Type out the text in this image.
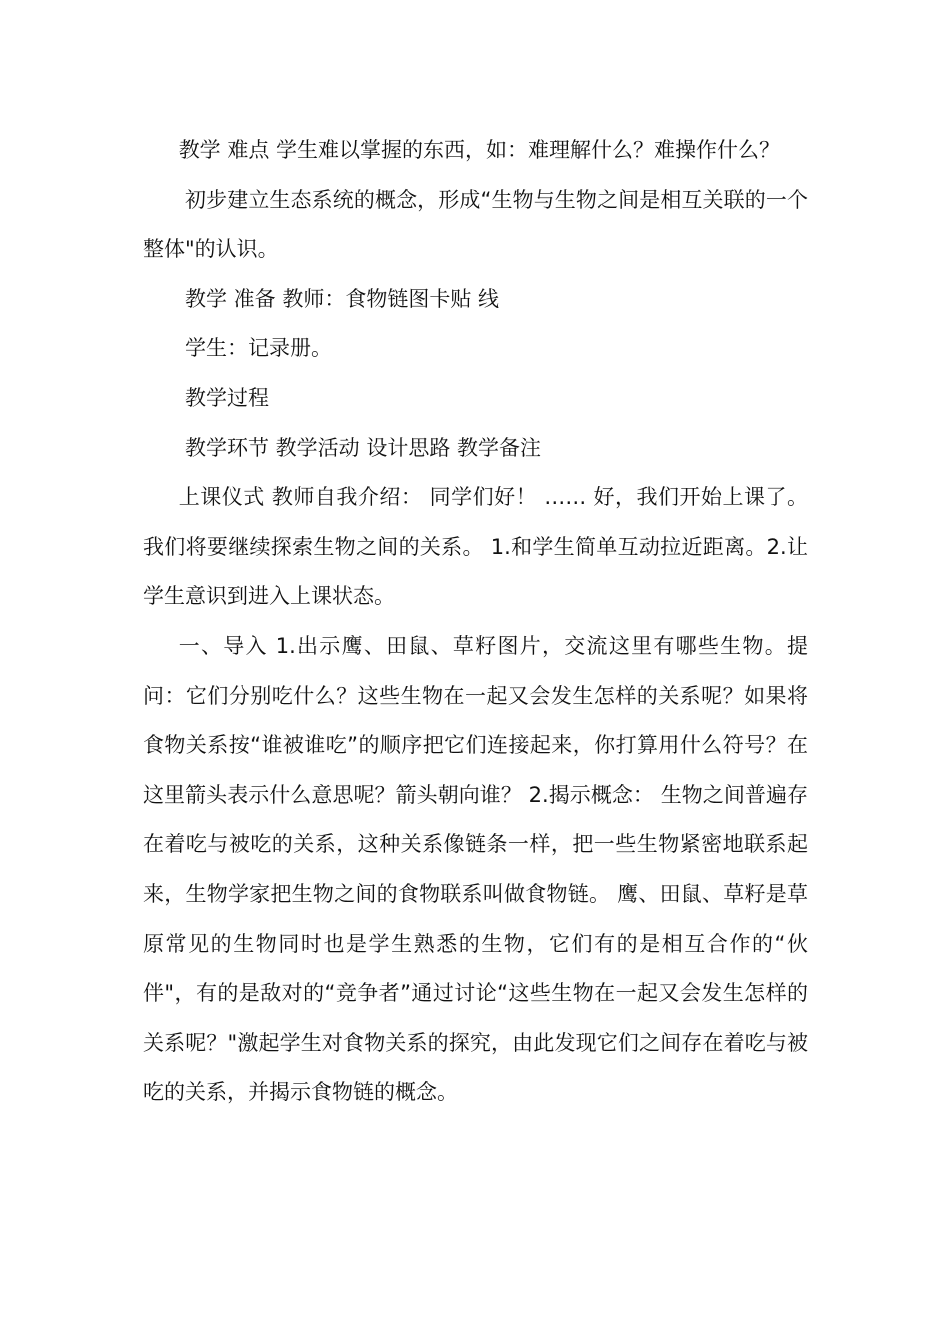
教学 难点 学生难以掌握的东西，如：难理解什么？难操作什么？

初步建立生态系统的概念，形成“生物与生物之间是相互关联的一个整体"的认识。

教学 准备 教师：食物链图卡贴 线

学生：记录册。

教学过程

教学环节 教学活动 设计思路 教学备注

上课仪式 教师自我介绍： 同学们好！ …… 好，我们开始上课了。我们将要继续探索生物之间的关系。 1.和学生简单互动拉近距离。2.让学生意识到进入上课状态。

一、导入 1.出示鹰、田鼠、草籽图片，交流这里有哪些生物。提问：它们分别吃什么？这些生物在一起又会发生怎样的关系呢？如果将食物关系按“谁被谁吃”的顺序把它们连接起来，你打算用什么符号？在这里箭头表示什么意思呢？箭头朝向谁？ 2.揭示概念： 生物之间普遍存在着吃与被吃的关系，这种关系像链条一样，把一些生物紧密地联系起来，生物学家把生物之间的食物联系叫做食物链。 鹰、田鼠、草籽是草原常见的生物同时也是学生熟悉的生物，它们有的是相互合作的“伙伴"，有的是敌对的“竞争者”通过讨论“这些生物在一起又会发生怎样的关系呢？"激起学生对食物关系的探究，由此发现它们之间存在着吃与被吃的关系，并揭示食物链的概念。
